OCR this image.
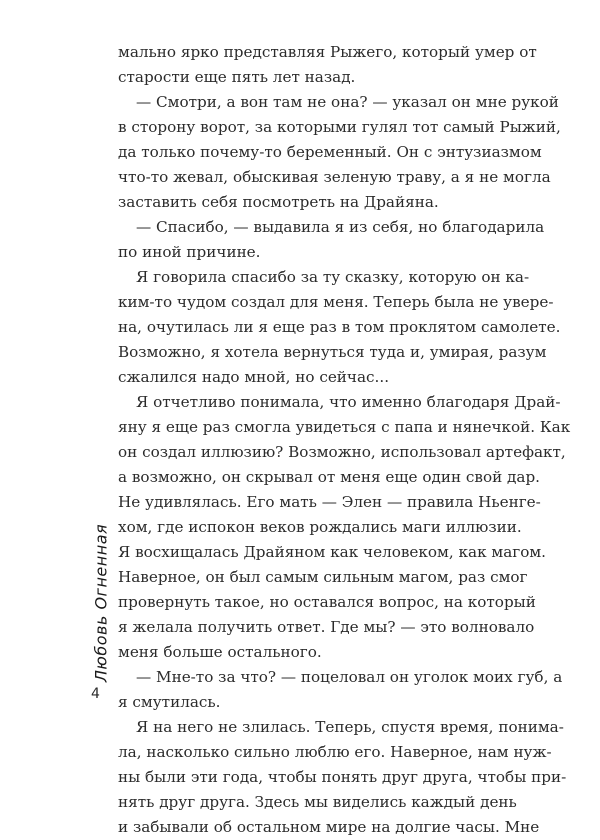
мально ярко представляя Рыжего, который умер от
старости еще пять лет назад.
— Смотри, а вон там не она? — указал он мне рукой
в сторону ворот, за которыми гулял тот самый Рыжий,
да только почему-то беременный. Он с энтузиазмом
что-то жевал, обыскивая зеленую траву, а я не могла
заставить себя посмотреть на Драйяна.
— Спасибо, — выдавила я из себя, но благодарила
по иной причине.
Я говорила спасибо за ту сказку, которую он ка-
ким-то чудом создал для меня. Теперь была не уверe-
на, очутилась ли я еще раз в том проклятом самолете.
Возможно, я хотела вернуться туда и, умирая, разум
сжалился надо мной, но сейчас...
Я отчетливо понимала, что именно благодаря Драй-
яну я еще раз смогла увидеться с папа и нянечкой. Как
он создал иллюзию? Возможно, использовал артефакт,
а возможно, он скрывал от меня еще один свой дар.
Не удивлялась. Его мать — Элен — правила Ньенге-
хом, где испокон веков рождались маги иллюзии.
Я восхищалась Драйяном как человеком, как магом.
Наверное, он был самым сильным магом, раз смог
провернуть такое, но оставался вопрос, на который
я желала получить ответ. Где мы? — это волновало
меня больше остального.
— Мне-то за что? — поцеловал он уголок моих губ, а
я смутилась.
Я на него не злилась. Теперь, спустя время, понима-
ла, насколько сильно люблю его. Наверное, нам нуж-
ны были эти года, чтобы понять друг друга, чтобы при-
нять друг друга. Здесь мы виделись каждый день
и забывали об остальном мире на долгие часы. Мне
Любовь Огненная
4
